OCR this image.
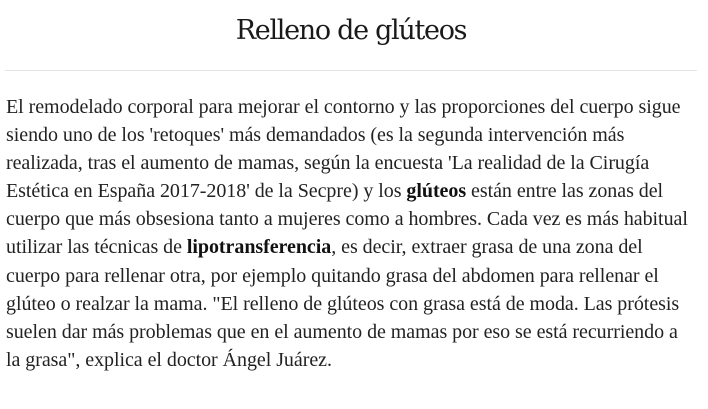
Relleno de glúteos

El remodelado corporal para mejorar el contorno y las proporciones del cuerpo sigue siendo uno de los 'retoques' más demandados (es la segunda intervención más realizada, tras el aumento de mamas, según la encuesta 'La realidad de la Cirugía Estética en España 2017-2018' de la Secpre) y los glúteos están entre las zonas del cuerpo que más obsesiona tanto a mujeres como a hombres. Cada vez es más habitual utilizar las técnicas de lipotransferencia, es decir, extraer grasa de una zona del cuerpo para rellenar otra, por ejemplo quitando grasa del abdomen para rellenar el glúteo o realzar la mama. "El relleno de glúteos con grasa está de moda. Las prótesis suelen dar más problemas que en el aumento de mamas por eso se está recurriendo a la grasa", explica el doctor Ángel Juárez.
